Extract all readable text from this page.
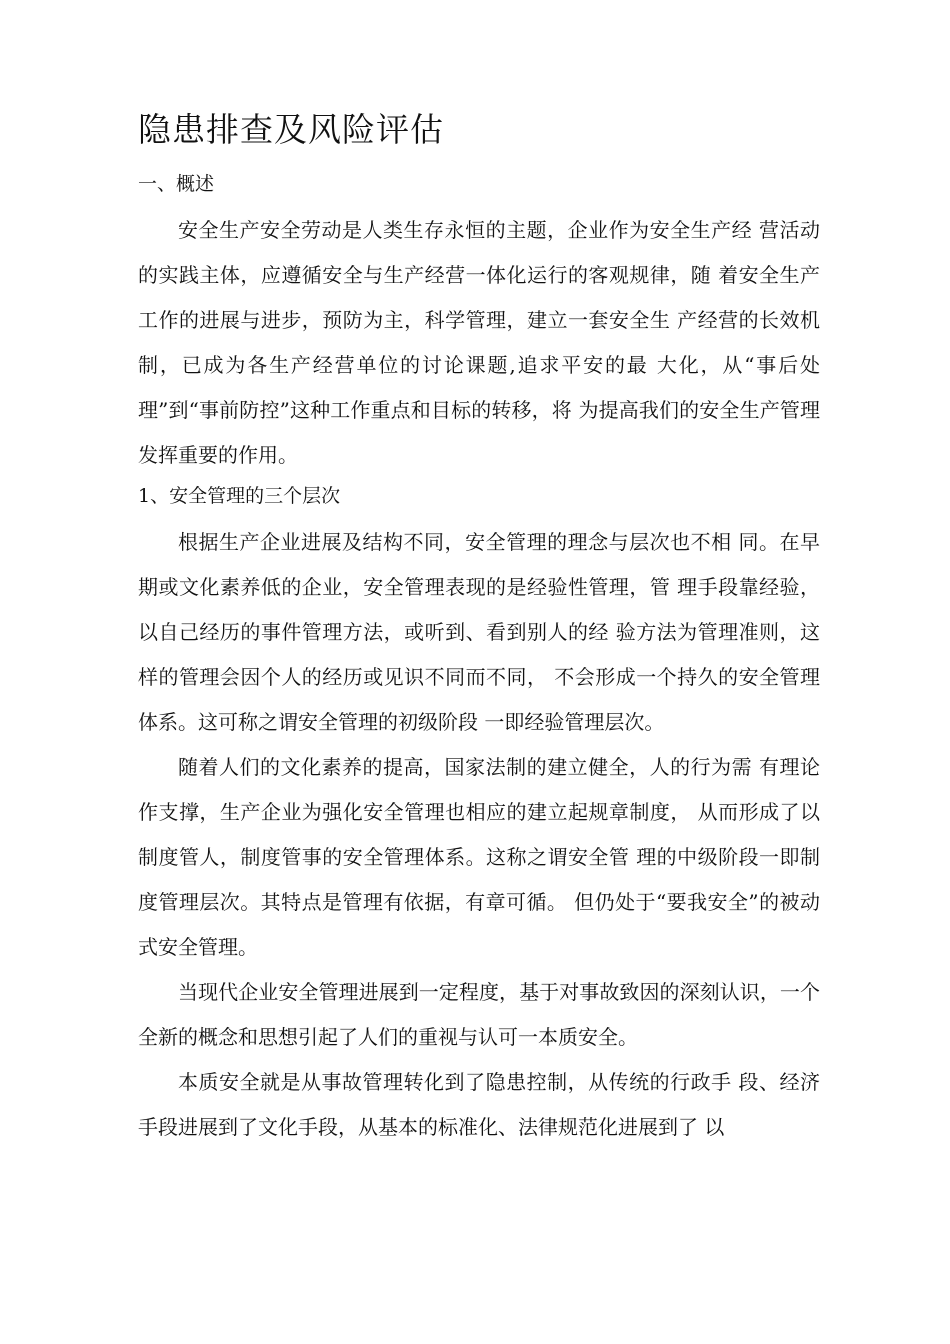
隐患排查及风险评估
一、概述

安全生产安全劳动是人类生存永恒的主题，企业作为安全生产经 营活动的实践主体，应遵循安全与生产经营一体化运行的客观规律，随 着安全生产工作的进展与进步，预防为主，科学管理，建立一套安全生 产经营的长效机制，已成为各生产经营单位的讨论课题,追求平安的最 大化，从“事后处理”到“事前防控”这种工作重点和目标的转移，将 为提高我们的安全生产管理发挥重要的作用。

1、安全管理的三个层次

根据生产企业进展及结构不同，安全管理的理念与层次也不相 同。在早期或文化素养低的企业，安全管理表现的是经验性管理，管 理手段靠经验，以自己经历的事件管理方法，或听到、看到别人的经 验方法为管理准则，这样的管理会因个人的经历或见识不同而不同， 不会形成一个持久的安全管理体系。这可称之谓安全管理的初级阶段 一即经验管理层次。

随着人们的文化素养的提高，国家法制的建立健全，人的行为需 有理论作支撑，生产企业为强化安全管理也相应的建立起规章制度， 从而形成了以制度管人，制度管事的安全管理体系。这称之谓安全管 理的中级阶段一即制度管理层次。其特点是管理有依据，有章可循。 但仍处于“要我安全”的被动式安全管理。

当现代企业安全管理进展到一定程度，基于对事故致因的深刻认识，一个全新的概念和思想引起了人们的重视与认可一本质安全。

本质安全就是从事故管理转化到了隐患控制，从传统的行政手 段、经济手段进展到了文化手段，从基本的标准化、法律规范化进展到了 以
